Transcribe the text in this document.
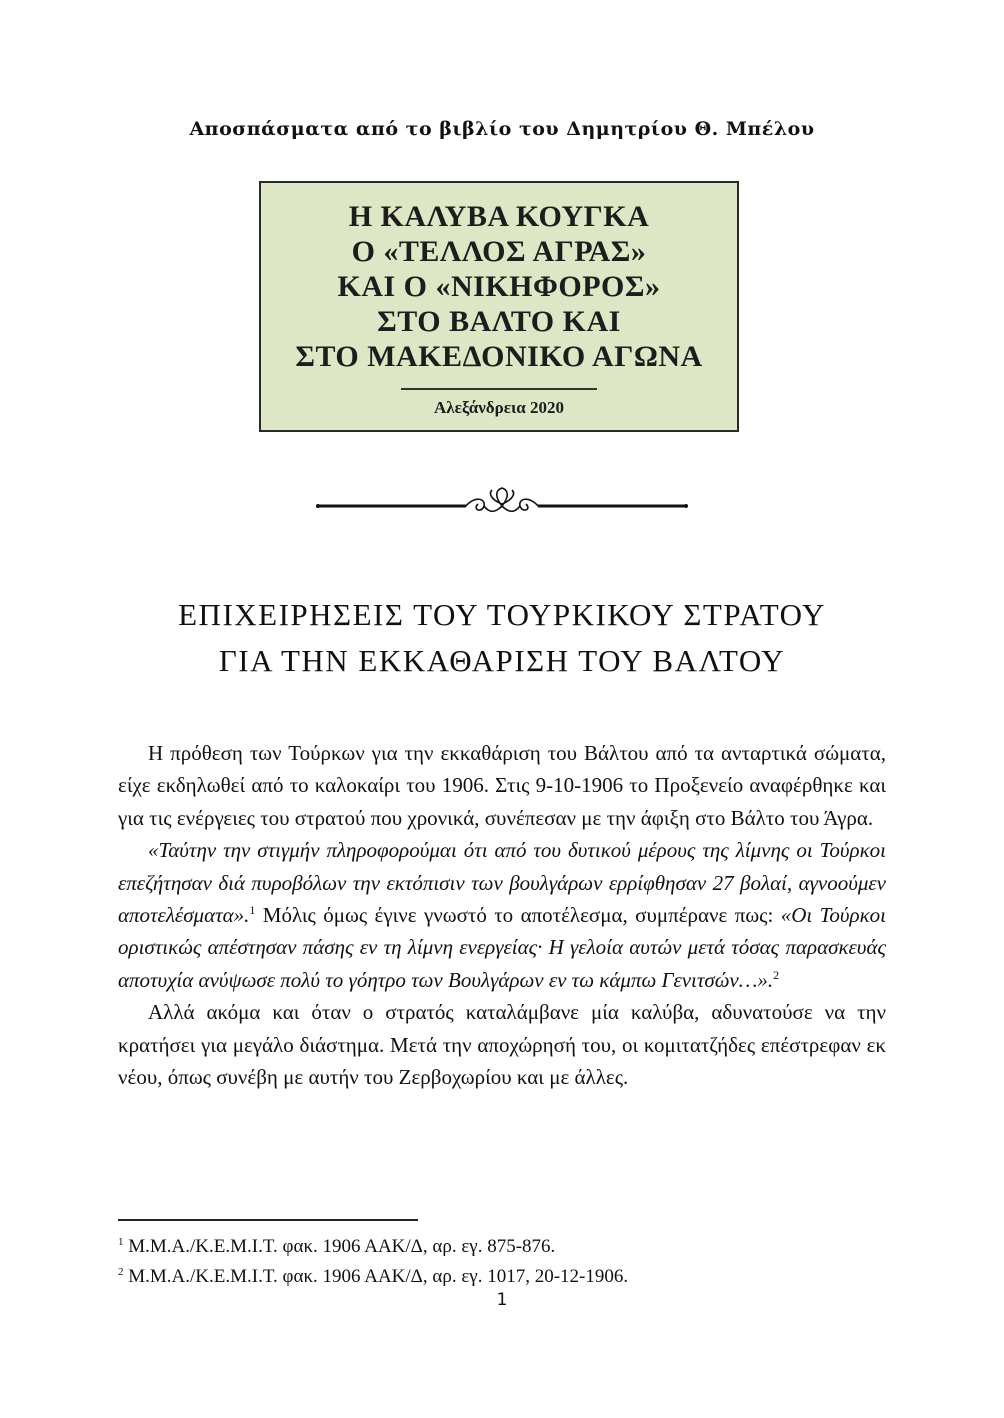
Αποσπάσματα από το βιβλίο του Δημητρίου Θ. Μπέλου
Η ΚΑΛΥΒΑ ΚΟΥΓΚΑ
Ο «ΤΕΛΛΟΣ ΑΓΡΑΣ»
ΚΑΙ Ο «ΝΙΚΗΦΟΡΟΣ»
ΣΤΟ ΒΑΛΤΟ ΚΑΙ
ΣΤΟ ΜΑΚΕΔΟΝΙΚΟ ΑΓΩΝΑ
Αλεξάνδρεια 2020
ΕΠΙΧΕΙΡΗΣΕΙΣ ΤΟΥ ΤΟΥΡΚΙΚΟΥ ΣΤΡΑΤΟΥ
ΓΙΑ ΤΗΝ ΕΚΚΑΘΑΡΙΣΗ ΤΟΥ ΒΑΛΤΟΥ

Η πρόθεση των Τούρκων για την εκκαθάριση του Βάλτου από τα ανταρτικά σώματα, είχε εκδηλωθεί από το καλοκαίρι του 1906. Στις 9-10-1906 το Προξενείο αναφέρθηκε και για τις ενέργειες του στρατού που χρονικά, συνέπεσαν με την άφιξη στο Βάλτο του Άγρα.

«Ταύτην την στιγμήν πληροφορούμαι ότι από του δυτικού μέρους της λίμνης οι Τούρκοι επεζήτησαν διά πυροβόλων την εκτόπισιν των βουλγάρων ερρίφθησαν 27 βολαί, αγνοούμεν αποτελέσματα».$^1$ Μόλις όμως έγινε γνωστό το αποτέλεσμα, συμπέρανε πως: «Οι Τούρκοι οριστικώς απέστησαν πάσης εν τη λίμνη ενεργείας· Η γελοία αυτών μετά τόσας παρασκευάς αποτυχία ανύψωσε πολύ το γόητρο των Βουλγάρων εν τω κάμπω Γενιτσών…».$^2$

Αλλά ακόμα και όταν ο στρατός καταλάμβανε μία καλύβα, αδυνατούσε να την κρατήσει για μεγάλο διάστημα. Μετά την αποχώρησή του, οι κομιτατζήδες επέστρεφαν εκ νέου, όπως συνέβη με αυτήν του Ζερβοχωρίου και με άλλες.

$^1$ Μ.Μ.Α./Κ.Ε.Μ.Ι.Τ. φακ. 1906 ΑΑΚ/Δ, αρ. εγ. 875-876.
$^2$ Μ.Μ.Α./Κ.Ε.Μ.Ι.Τ. φακ. 1906 ΑΑΚ/Δ, αρ. εγ. 1017, 20-12-1906.
1
